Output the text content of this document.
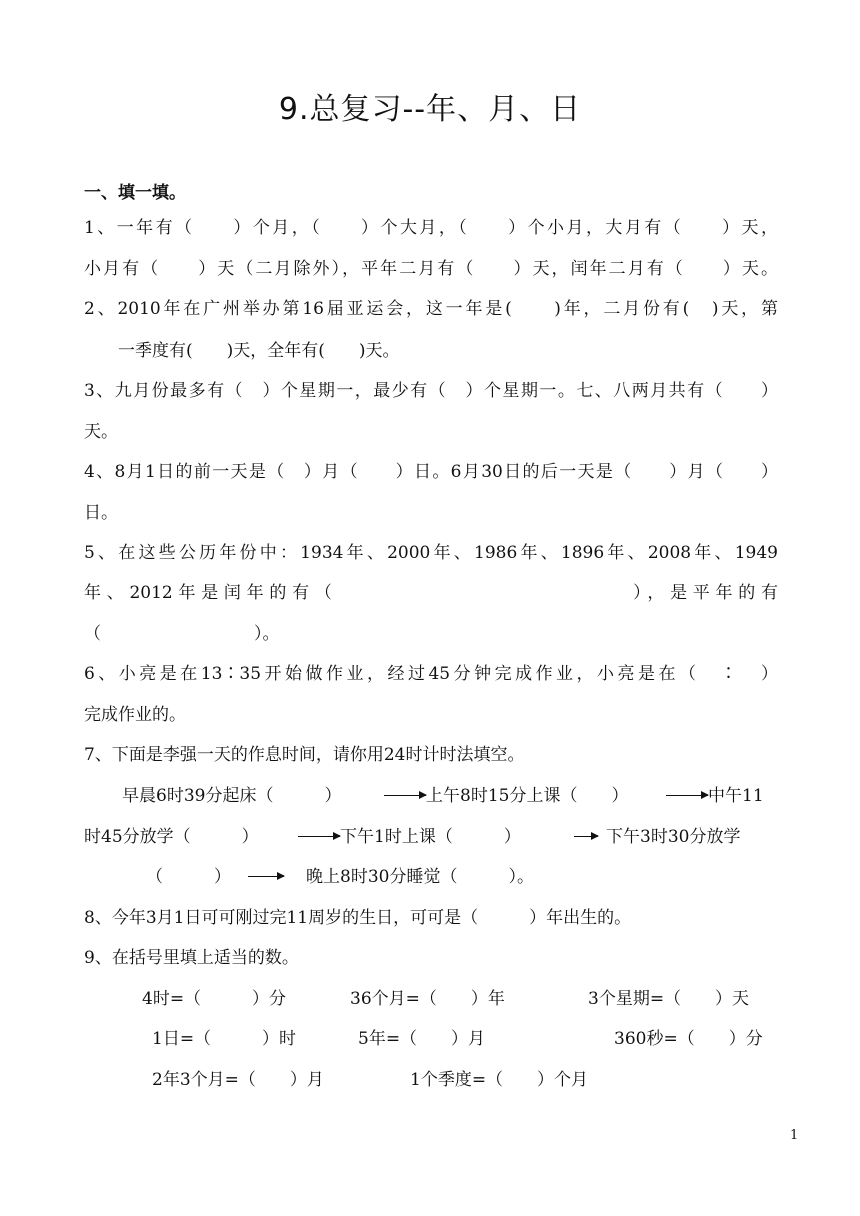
9.总复习--年、月、日
一、填一填。
1、一年有（　　）个月，（　　）个大月，（　　）个小月，大月有（　　）天，
小月有（　　）天（二月除外），平年二月有（　　）天，闰年二月有（　　）天。
2、2010年在广州举办第16届亚运会，这一年是(　　)年，二月份有(　)天，第
一季度有(　　)天，全年有(　　)天。
3、九月份最多有（　）个星期一，最少有（　）个星期一。七、八两月共有（　　）
天。
4、8月1日的前一天是（　）月（　　）日。6月30日的后一天是（　　）月（　　）
日。
5、在这些公历年份中：1934年、2000年、1986年、1896年、2008年、1949
年、2012年是闰年的有（　　　　　　　　　　　　　），是平年的有
（　　　　　　　　　）。
6、小亮是在13∶35开始做作业，经过45分钟完成作业，小亮是在（　∶　）
完成作业的。
7、下面是李强一天的作息时间，请你用24时计时法填空。
早晨6时39分起床（　　　）	上午8时15分上课（　　）	中午11
时45分放学（　　　）	下午1时上课（　　　）	下午3时30分放学
（　　　）	晚上8时30分睡觉（　　　）。
8、今年3月1日可可刚过完11周岁的生日，可可是（　　　）年出生的。
9、在括号里填上适当的数。
4时=（　　　）分	36个月=（　　）年	3个星期=（　　）天
1日=（　　　）时	5年=（　　）月	360秒=（　　）分
2年3个月=（　　）月	1个季度=（　　）个月
1
